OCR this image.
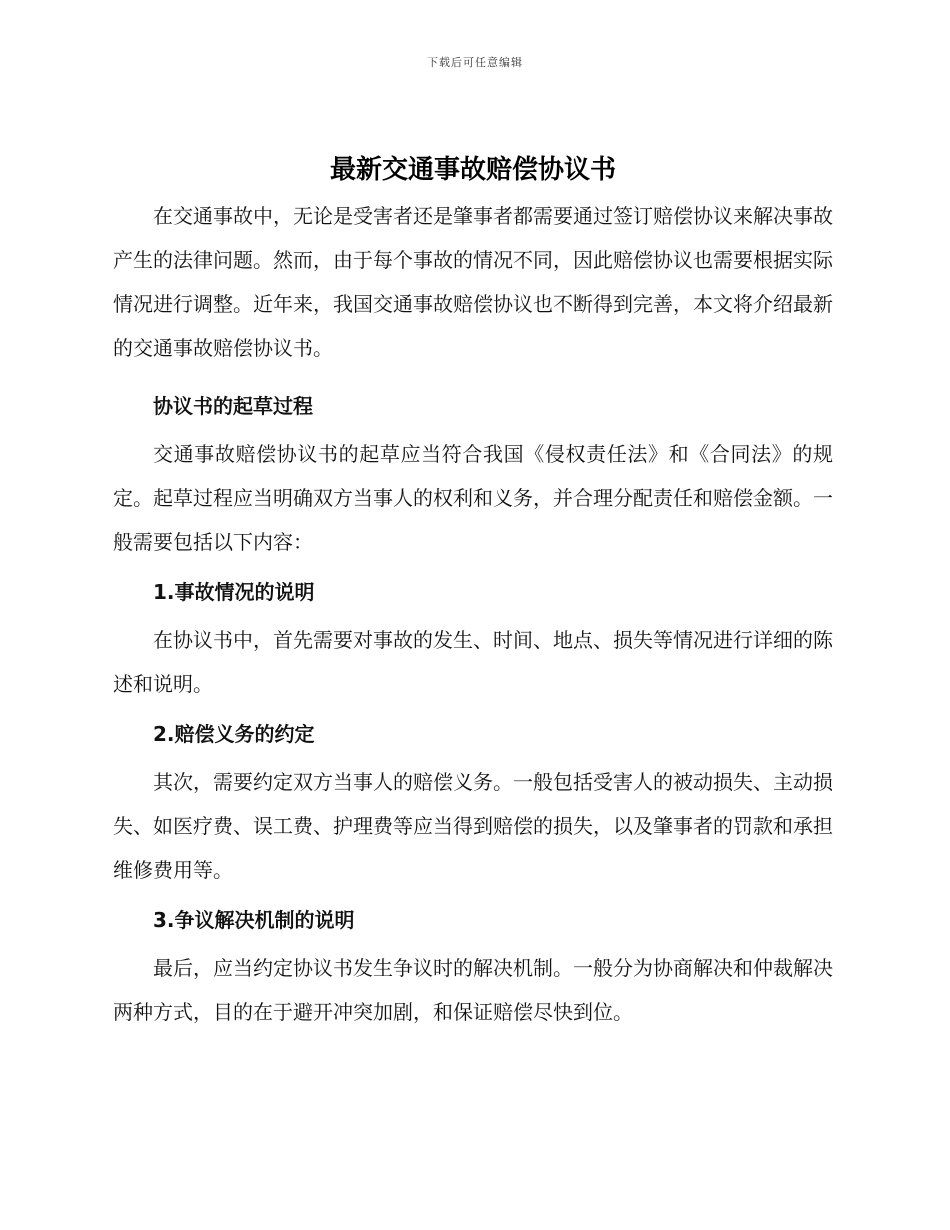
下载后可任意编辑
最新交通事故赔偿协议书

在交通事故中，无论是受害者还是肇事者都需要通过签订赔偿协议来解决事故产生的法律问题。然而，由于每个事故的情况不同，因此赔偿协议也需要根据实际情况进行调整。近年来，我国交通事故赔偿协议也不断得到完善，本文将介绍最新的交通事故赔偿协议书。

协议书的起草过程

交通事故赔偿协议书的起草应当符合我国《侵权责任法》和《合同法》的规定。起草过程应当明确双方当事人的权利和义务，并合理分配责任和赔偿金额。一般需要包括以下内容：

1.事故情况的说明

在协议书中，首先需要对事故的发生、时间、地点、损失等情况进行详细的陈述和说明。

2.赔偿义务的约定

其次，需要约定双方当事人的赔偿义务。一般包括受害人的被动损失、主动损失、如医疗费、误工费、护理费等应当得到赔偿的损失，以及肇事者的罚款和承担维修费用等。

3.争议解决机制的说明

最后，应当约定协议书发生争议时的解决机制。一般分为协商解决和仲裁解决两种方式，目的在于避开冲突加剧，和保证赔偿尽快到位。
